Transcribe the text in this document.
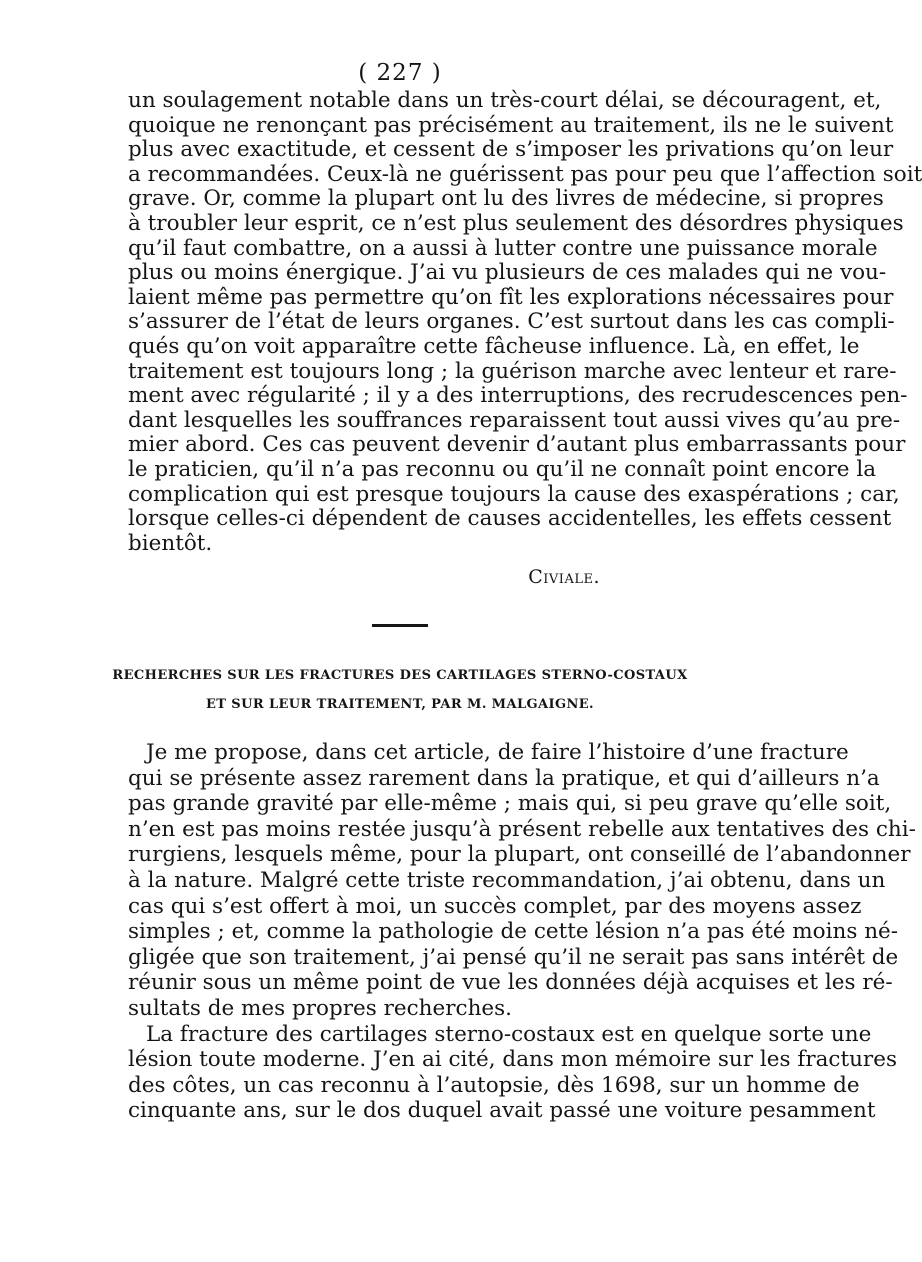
( 227 )
un soulagement notable dans un très-court délai, se découragent, et,
quoique ne renonçant pas précisément au traitement, ils ne le suivent
plus avec exactitude, et cessent de s’imposer les privations qu’on leur
a recommandées. Ceux-là ne guérissent pas pour peu que l’affection soit
grave. Or, comme la plupart ont lu des livres de médecine, si propres
à troubler leur esprit, ce n’est plus seulement des désordres physiques
qu’il faut combattre, on a aussi à lutter contre une puissance morale
plus ou moins énergique. J’ai vu plusieurs de ces malades qui ne vou-
laient même pas permettre qu’on fît les explorations nécessaires pour
s’assurer de l’état de leurs organes. C’est surtout dans les cas compli-
qués qu’on voit apparaître cette fâcheuse influence. Là, en effet, le
traitement est toujours long ; la guérison marche avec lenteur et rare-
ment avec régularité ; il y a des interruptions, des recrudescences pen-
dant lesquelles les souffrances reparaissent tout aussi vives qu’au pre-
mier abord. Ces cas peuvent devenir d’autant plus embarrassants pour
le praticien, qu’il n’a pas reconnu ou qu’il ne connaît point encore la
complication qui est presque toujours la cause des exaspérations ; car,
lorsque celles-ci dépendent de causes accidentelles, les effets cessent
bientôt.
Civiale.
RECHERCHES SUR LES FRACTURES DES CARTILAGES STERNO-COSTAUX
ET SUR LEUR TRAITEMENT, PAR M. MALGAIGNE.
Je me propose, dans cet article, de faire l’histoire d’une fracture
qui se présente assez rarement dans la pratique, et qui d’ailleurs n’a
pas grande gravité par elle-même ; mais qui, si peu grave qu’elle soit,
n’en est pas moins restée jusqu’à présent rebelle aux tentatives des chi-
rurgiens, lesquels même, pour la plupart, ont conseillé de l’abandonner
à la nature. Malgré cette triste recommandation, j’ai obtenu, dans un
cas qui s’est offert à moi, un succès complet, par des moyens assez
simples ; et, comme la pathologie de cette lésion n’a pas été moins né-
gligée que son traitement, j’ai pensé qu’il ne serait pas sans intérêt de
réunir sous un même point de vue les données déjà acquises et les ré-
sultats de mes propres recherches.
La fracture des cartilages sterno-costaux est en quelque sorte une
lésion toute moderne. J’en ai cité, dans mon mémoire sur les fractures
des côtes, un cas reconnu à l’autopsie, dès 1698, sur un homme de
cinquante ans, sur le dos duquel avait passé une voiture pesamment
